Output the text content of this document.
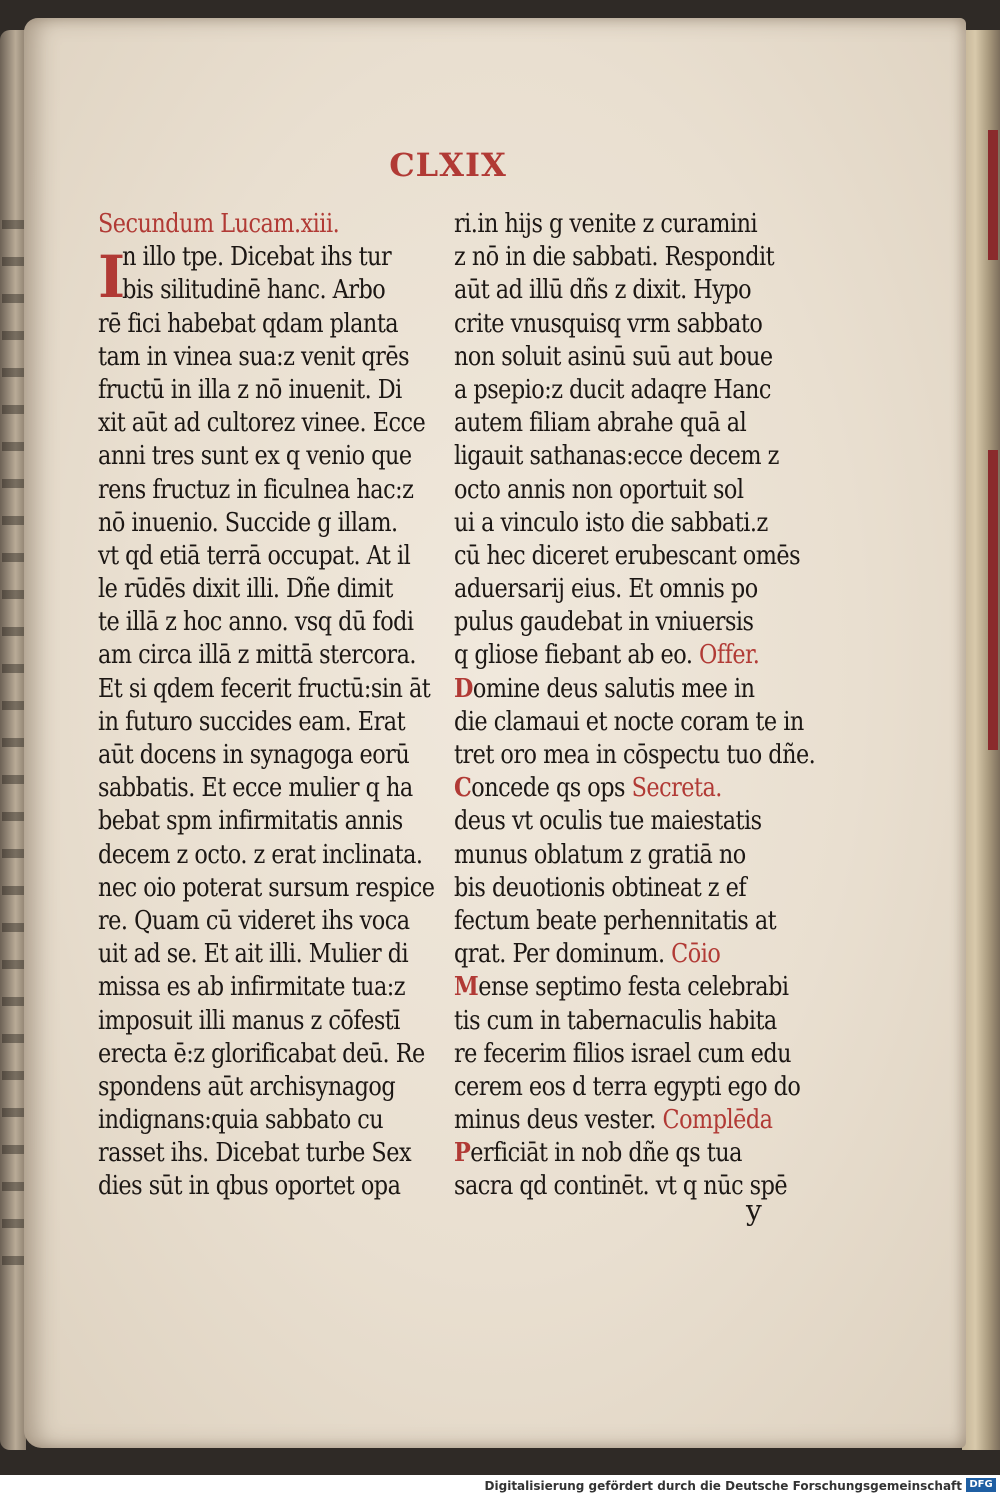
CLXIX
Secundum Lucam.xiii.
I
n illo tpe. Dicebat ihs tur
bis silitudinē hanc. Arbo
rē fici habebat qdam planta
tam in vinea sua:z venit qrēs
fructū in illa z nō inuenit. Di
xit aūt ad cultorez vinee. Ecce
anni tres sunt ex q venio que
rens fructuz in ficulnea hac:z
nō inuenio. Succide g illam.
vt qd etiā terrā occupat. At il
le rūdēs dixit illi. Dñe dimit
te illā z hoc anno. vsq dū fodi
am circa illā z mittā stercora.
Et si qdem fecerit fructū:sin āt
in futuro succides eam. Erat
aūt docens in synagoga eorū
sabbatis. Et ecce mulier q ha
bebat spm infirmitatis annis
decem z octo. z erat inclinata.
nec oio poterat sursum respice
re. Quam cū videret ihs voca
uit ad se. Et ait illi. Mulier di
missa es ab infirmitate tua:z
imposuit illi manus z cōfestī
erecta ē:z glorificabat deū. Re
spondens aūt archisynagog
indignans:quia sabbato cu
rasset ihs. Dicebat turbe Sex
dies sūt in qbus oportet opa
ri.in hijs g venite z curamini
z nō in die sabbati. Respondit
aūt ad illū dñs z dixit. Hypo
crite vnusquisq vrm sabbato
non soluit asinū suū aut boue
a psepio:z ducit adaqre Hanc
autem filiam abrahe quā al
ligauit sathanas:ecce decem z
octo annis non oportuit sol
ui a vinculo isto die sabbati.z
cū hec diceret erubescant omēs
aduersarij eius. Et omnis po
pulus gaudebat in vniuersis
q gliose fiebant ab eo. Offer.
Domine deus salutis mee in
die clamaui et nocte coram te in
tret oro mea in cōspectu tuo dñe.
Concede qs ops Secreta.
deus vt oculis tue maiestatis
munus oblatum z gratiā no
bis deuotionis obtineat z ef
fectum beate perhennitatis at
qrat. Per dominum. Cōio
Mense septimo festa celebrabi
tis cum in tabernaculis habita
re fecerim filios israel cum edu
cerem eos d terra egypti ego do
minus deus vester. Complēda
Perficiāt in nob dñe qs tua
sacra qd continēt. vt q nūc spē
y
Digitalisierung gefördert durch die Deutsche Forschungsgemeinschaft DFG
